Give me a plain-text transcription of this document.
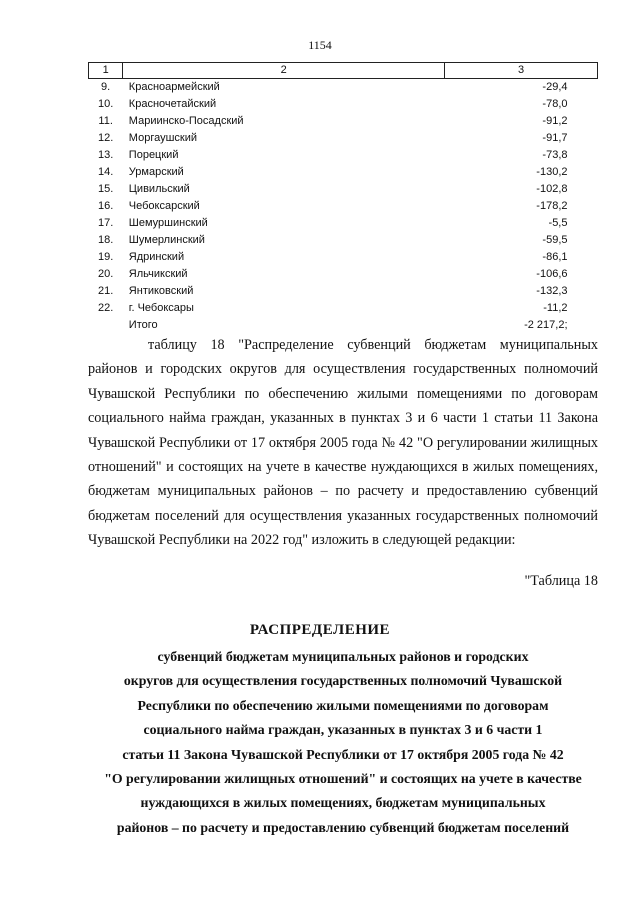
1154
1	2	3
9.	Красноармейский	-29,4
10.	Красночетайский	-78,0
11.	Мариинско-Посадский	-91,2
12.	Моргаушский	-91,7
13.	Порецкий	-73,8
14.	Урмарский	-130,2
15.	Цивильский	-102,8
16.	Чебоксарский	-178,2
17.	Шемуршинский	-5,5
18.	Шумерлинский	-59,5
19.	Ядринский	-86,1
20.	Яльчикский	-106,6
21.	Янтиковский	-132,3
22.	г. Чебоксары	-11,2
	Итого	-2 217,2;
таблицу 18 "Распределение субвенций бюджетам муниципальных районов и городских округов для осуществления государственных полномочий Чувашской Республики по обеспечению жилыми помещениями по договорам социального найма граждан, указанных в пунктах 3 и 6 части 1 статьи 11 Закона Чувашской Республики от 17 октября 2005 года № 42 "О регулировании жилищных отношений" и состоящих на учете в качестве нуждающихся в жилых помещениях, бюджетам муниципальных районов – по расчету и предоставлению субвенций бюджетам поселений для осуществления указанных государственных полномочий Чувашской Республики на 2022 год" изложить в следующей редакции:
"Таблица 18
РАСПРЕДЕЛЕНИЕ
субвенций бюджетам муниципальных районов и городских
округов для осуществления государственных полномочий Чувашской
Республики по обеспечению жилыми помещениями по договорам
социального найма граждан, указанных в пунктах 3 и 6 части 1
статьи 11 Закона Чувашской Республики от 17 октября 2005 года № 42
"О регулировании жилищных отношений" и состоящих на учете в качестве
нуждающихся в жилых помещениях, бюджетам муниципальных
районов – по расчету и предоставлению субвенций бюджетам поселений
